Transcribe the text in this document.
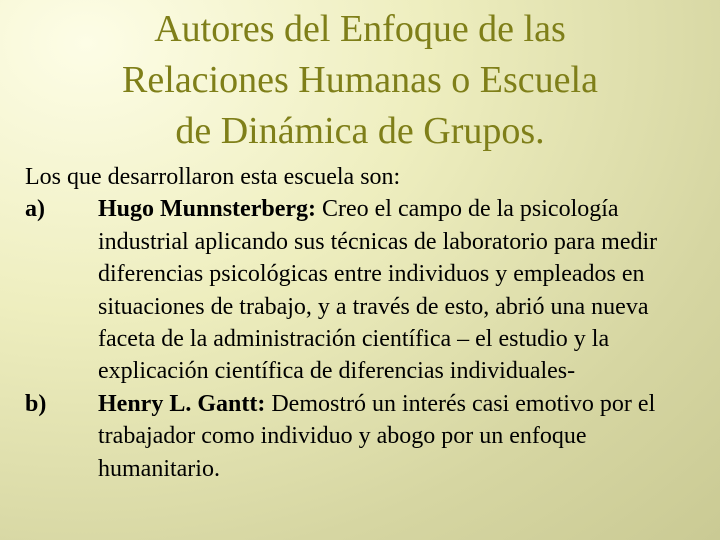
Autores del Enfoque de las
Relaciones Humanas o Escuela
de Dinámica de Grupos.

Los que desarrollaron esta escuela son:

a) Hugo Munnsterberg: Creo el campo de la psicología industrial aplicando sus técnicas de laboratorio para medir diferencias psicológicas entre individuos y empleados en situaciones de trabajo, y a través de esto, abrió una nueva faceta de la administración científica – el estudio y la explicación científica de diferencias individuales-
b) Henry L. Gantt: Demostró un interés casi emotivo por el trabajador como individuo y abogo por un enfoque humanitario.
